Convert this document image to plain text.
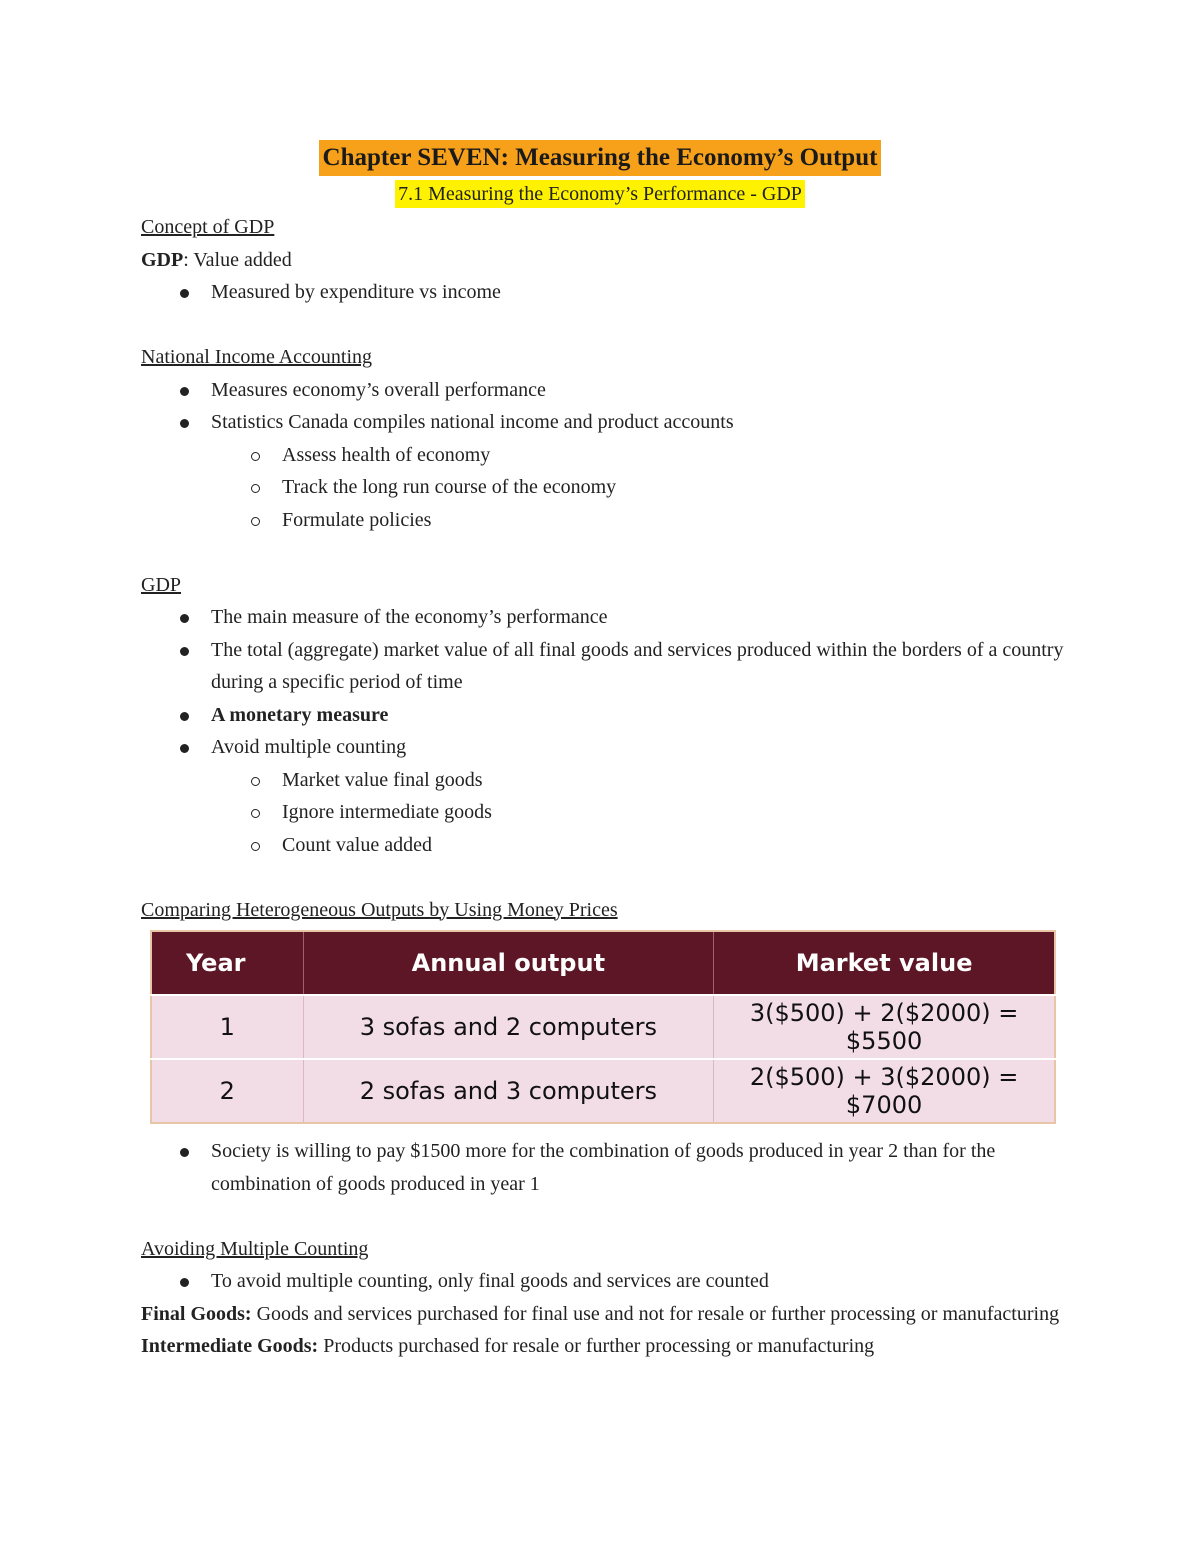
Chapter SEVEN: Measuring the Economy’s Output
7.1 Measuring the Economy’s Performance - GDP
Concept of GDP
GDP: Value added
Measured by expenditure vs income
National Income Accounting
Measures economy’s overall performance
Statistics Canada compiles national income and product accounts
Assess health of economy
Track the long run course of the economy
Formulate policies
GDP
The main measure of the economy’s performance
The total (aggregate) market value of all final goods and services produced within the borders of a country during a specific period of time
A monetary measure
Avoid multiple counting
Market value final goods
Ignore intermediate goods
Count value added
Comparing Heterogeneous Outputs by Using Money Prices
Year	Annual output	Market value
1	3 sofas and 2 computers	3($500) + 2($2000) = $5500
2	2 sofas and 3 computers	2($500) + 3($2000) = $7000
Society is willing to pay $1500 more for the combination of goods produced in year 2 than for the combination of goods produced in year 1
Avoiding Multiple Counting
To avoid multiple counting, only final goods and services are counted
Final Goods: Goods and services purchased for final use and not for resale or further processing or manufacturing
Intermediate Goods: Products purchased for resale or further processing or manufacturing
